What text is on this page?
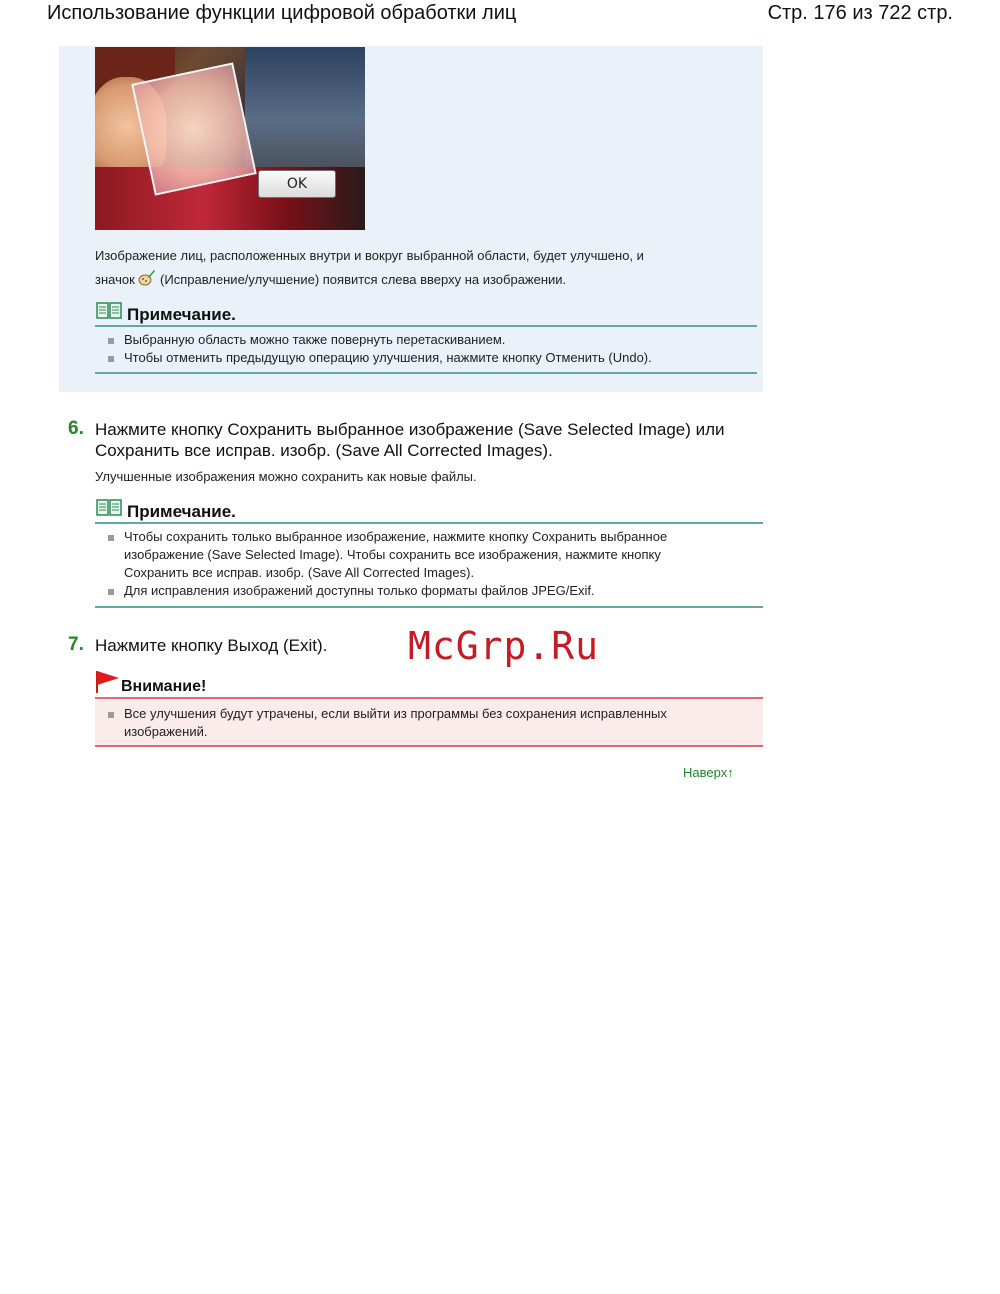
Использование функции цифровой обработки лиц	Стр. 176 из 722 стр.
OK
Изображение лиц, расположенных внутри и вокруг выбранной области, будет улучшено, и
значок (Исправление/улучшение) появится слева вверху на изображении.
Примечание.
Выбранную область можно также повернуть перетаскиванием.
Чтобы отменить предыдущую операцию улучшения, нажмите кнопку Отменить (Undo).
6. Нажмите кнопку Сохранить выбранное изображение (Save Selected Image) или
Сохранить все исправ. изобр. (Save All Corrected Images).
Улучшенные изображения можно сохранить как новые файлы.
Примечание.
Чтобы сохранить только выбранное изображение, нажмите кнопку Сохранить выбранное
изображение (Save Selected Image). Чтобы сохранить все изображения, нажмите кнопку
Сохранить все исправ. изобр. (Save All Corrected Images).
Для исправления изображений доступны только форматы файлов JPEG/Exif.
7. Нажмите кнопку Выход (Exit). McGrp.Ru
Внимание!
Все улучшения будут утрачены, если выйти из программы без сохранения исправленных
изображений.
Наверх↑
